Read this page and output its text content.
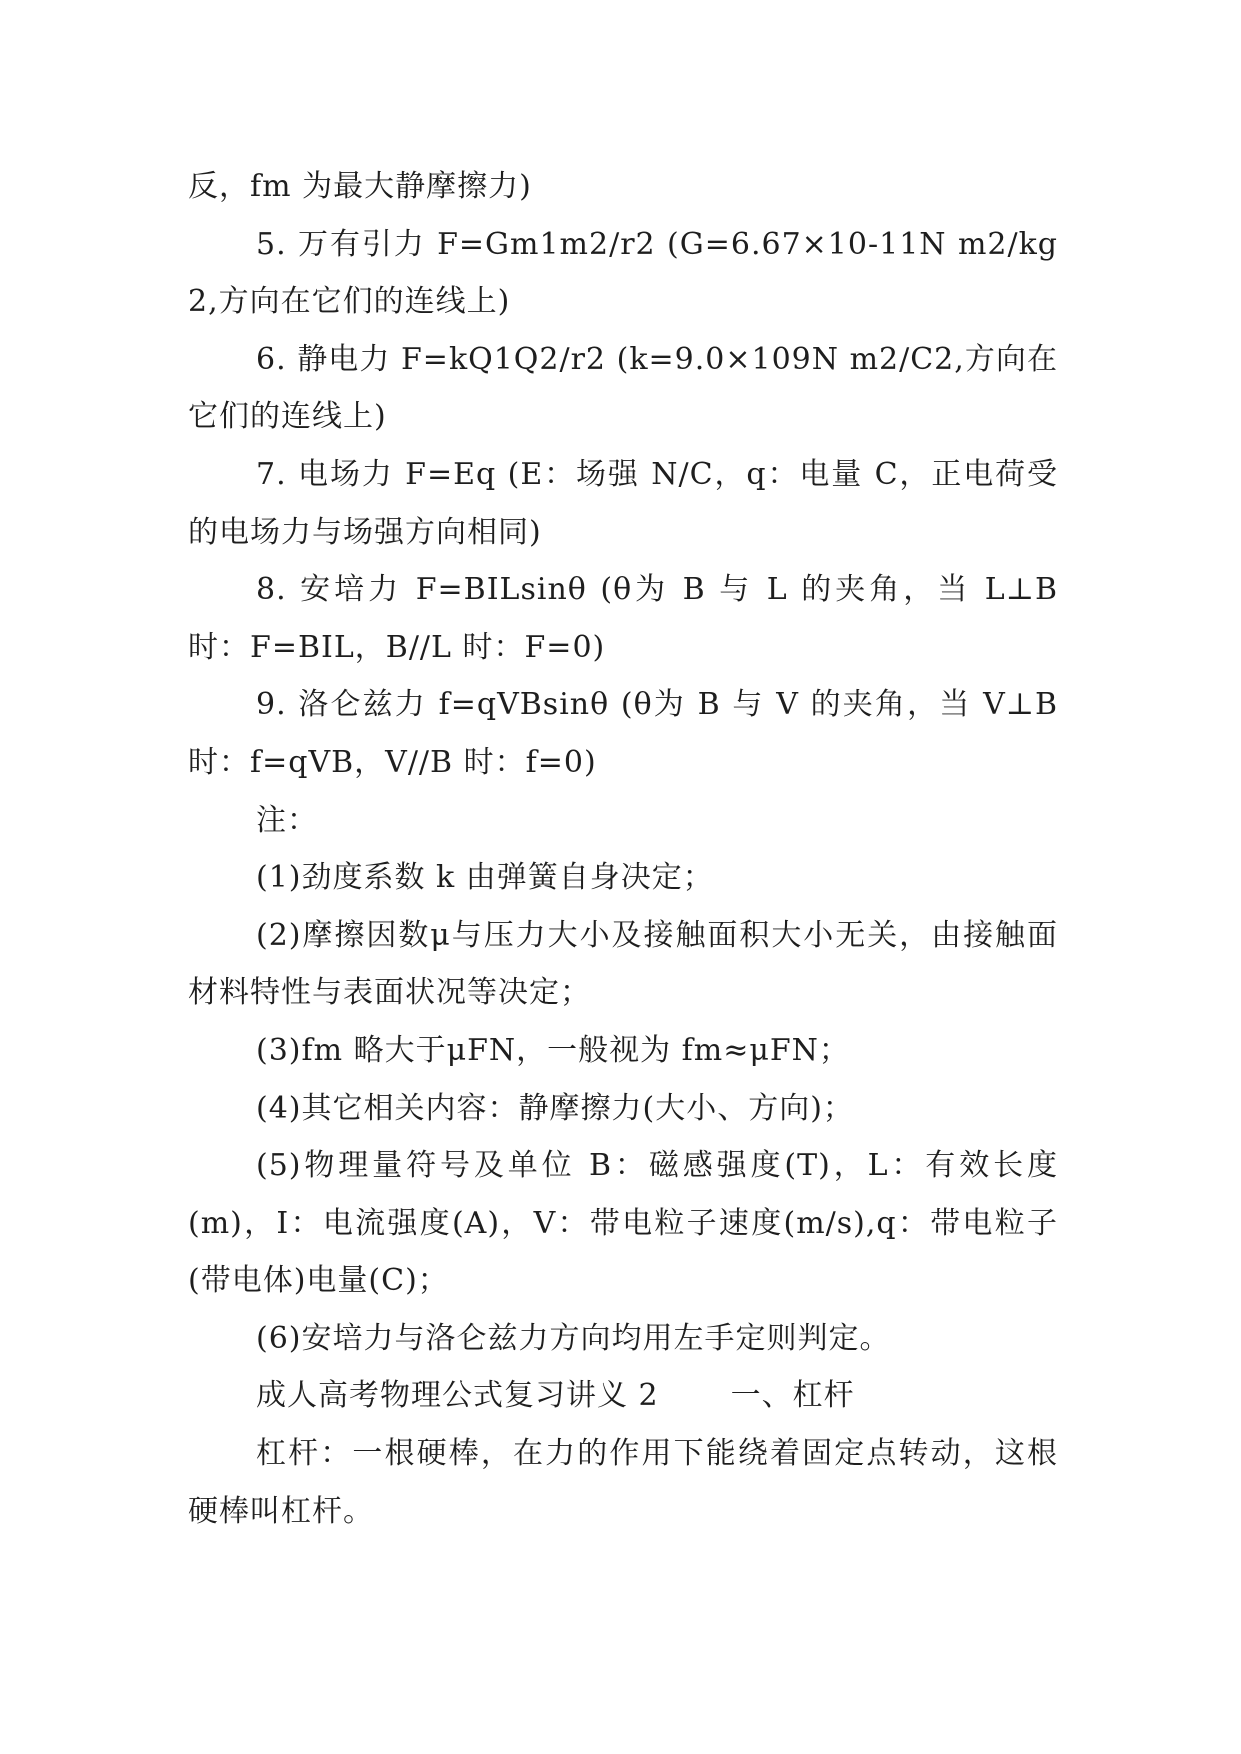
反，fm 为最大静摩擦力)

5. 万有引力 F=Gm1m2/r2 (G=6.67×10-11N m2/kg2,方向在它们的连线上)

6. 静电力 F=kQ1Q2/r2 (k=9.0×109N m2/C2,方向在它们的连线上)

7. 电场力 F=Eq (E：场强 N/C，q：电量 C，正电荷受的电场力与场强方向相同)

8. 安培力 F=BILsinθ (θ为 B 与 L 的夹角，当 L⊥B 时：F=BIL，B//L 时：F=0)

9. 洛仑兹力 f=qVBsinθ (θ为 B 与 V 的夹角，当 V⊥B 时：f=qVB，V//B 时：f=0)

注：

(1)劲度系数 k 由弹簧自身决定；

(2)摩擦因数μ与压力大小及接触面积大小无关，由接触面材料特性与表面状况等决定；

(3)fm 略大于μFN，一般视为 fm≈μFN；

(4)其它相关内容：静摩擦力(大小、方向)；

(5)物理量符号及单位 B：磁感强度(T)，L：有效长度(m)，I：电流强度(A)，V：带电粒子速度(m/s),q：带电粒子(带电体)电量(C)；

(6)安培力与洛仑兹力方向均用左手定则判定。

成人高考物理公式复习讲义 2 一、杠杆

杠杆：一根硬棒，在力的作用下能绕着固定点转动，这根硬棒叫杠杆。
